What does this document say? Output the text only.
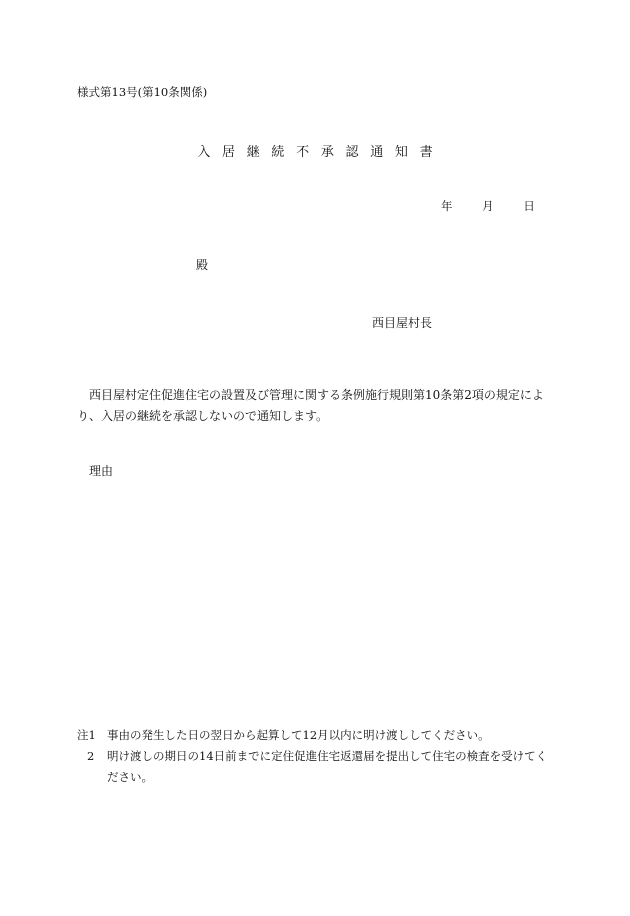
様式第13号(第10条関係)
入居継続不承認通知書
年	月	日
殿
西目屋村長
西目屋村定住促進住宅の設置及び管理に関する条例施行規則第10条第2項の規定により、入居の継続を承認しないので通知します。
理由
注1 事由の発生した日の翌日から起算して12月以内に明け渡ししてください。
2 明け渡しの期日の14日前までに定住促進住宅返還届を提出して住宅の検査を受けてください。
